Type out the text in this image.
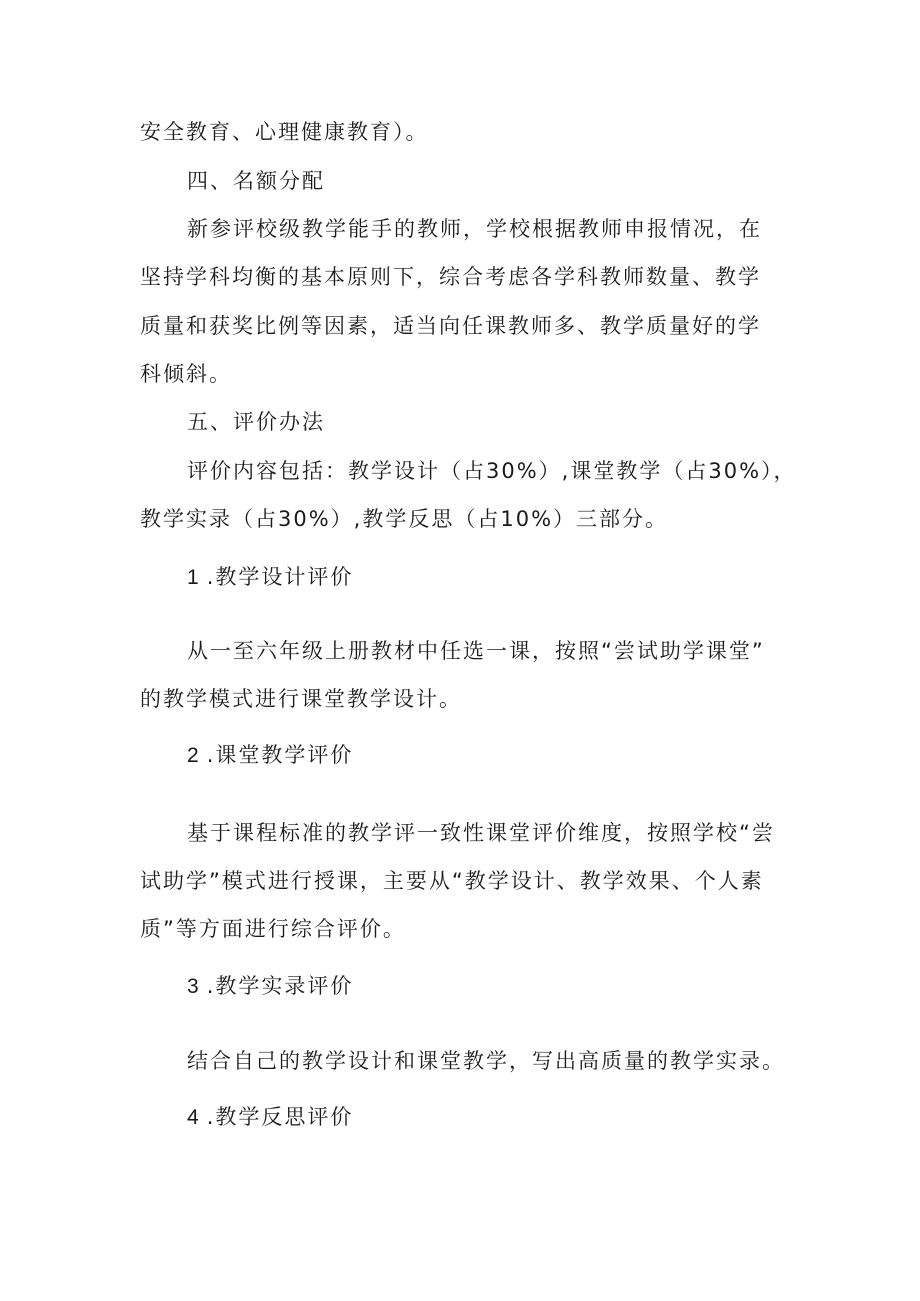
安全教育、心理健康教育）。

四、名额分配

新参评校级教学能手的教师，学校根据教师申报情况，在

坚持学科均衡的基本原则下，综合考虑各学科教师数量、教学

质量和获奖比例等因素，适当向任课教师多、教学质量好的学

科倾斜。

五、评价办法

评价内容包括：教学设计（占30%）,课堂教学（占30%），

教学实录（占30%）,教学反思（占10%）三部分。

1 .教学设计评价

从一至六年级上册教材中任选一课，按照“尝试助学课堂”

的教学模式进行课堂教学设计。

2 .课堂教学评价

基于课程标准的教学评一致性课堂评价维度，按照学校“尝

试助学”模式进行授课，主要从“教学设计、教学效果、个人素

质”等方面进行综合评价。

3 .教学实录评价

结合自己的教学设计和课堂教学，写出高质量的教学实录。

4 .教学反思评价
